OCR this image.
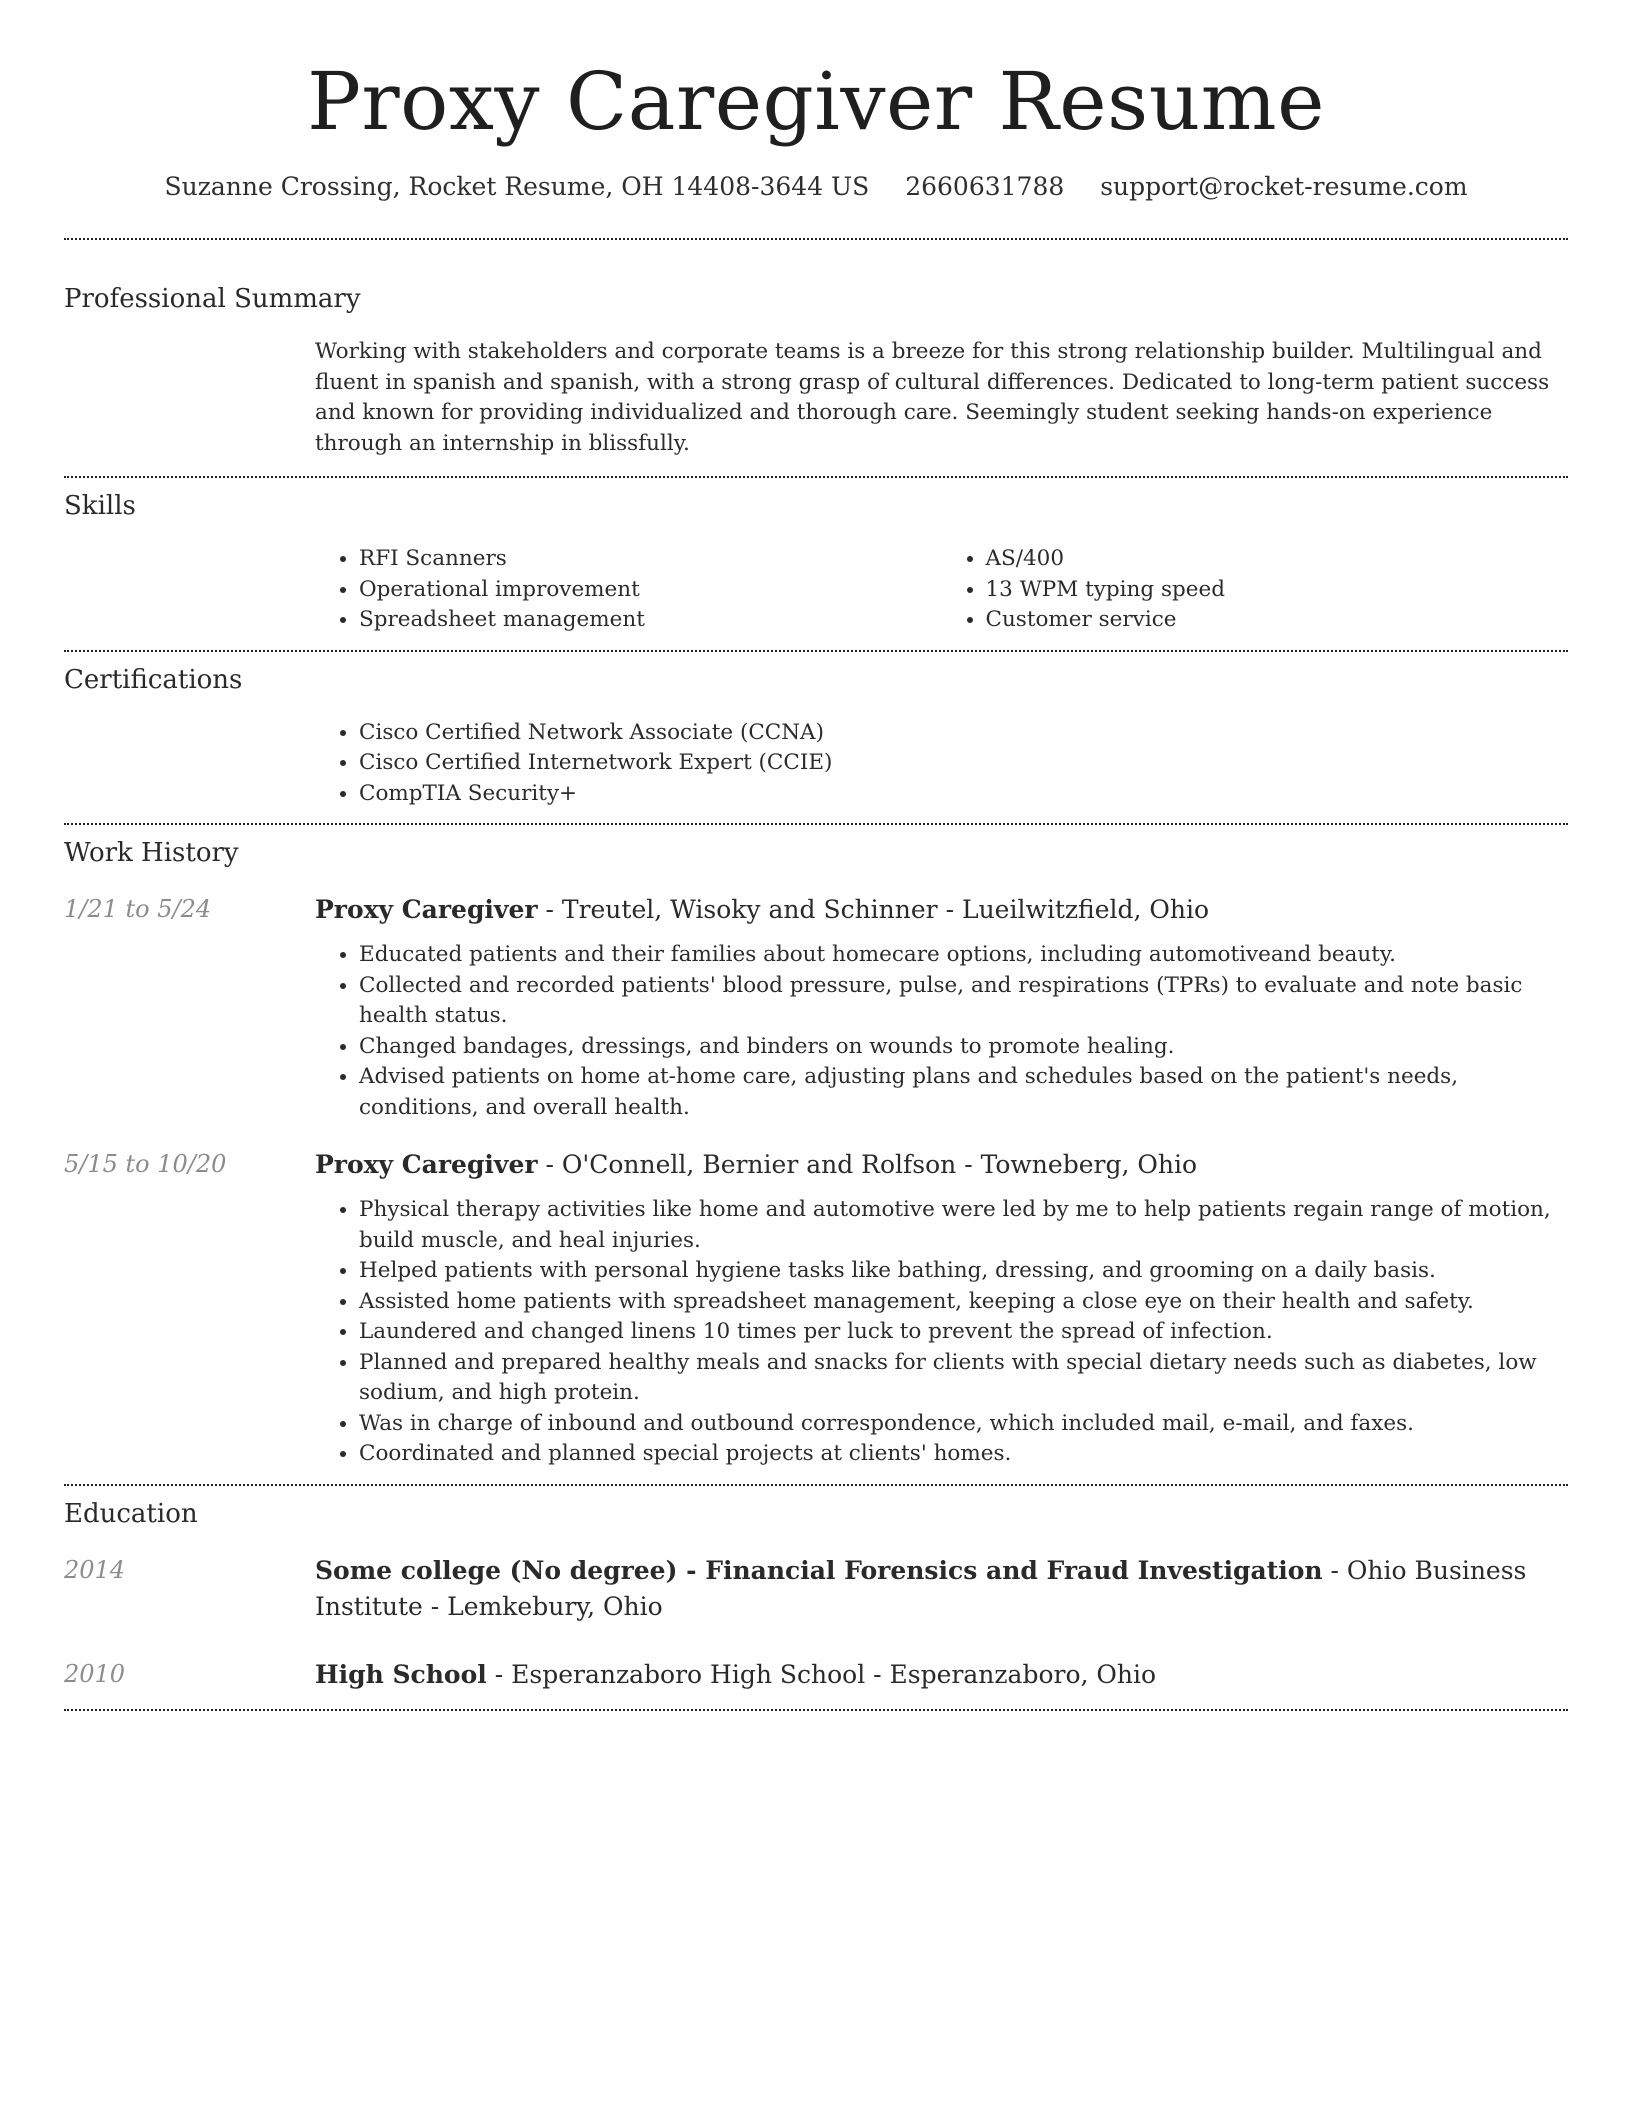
Proxy Caregiver Resume
Suzanne Crossing, Rocket Resume, OH 14408-3644 US 2660631788 support@rocket-resume.com
Professional Summary
Working with stakeholders and corporate teams is a breeze for this strong relationship builder. Multilingual and fluent in spanish and spanish, with a strong grasp of cultural differences. Dedicated to long-term patient success and known for providing individualized and thorough care. Seemingly student seeking hands-on experience through an internship in blissfully.
Skills
• RFI Scanners
• Operational improvement
• Spreadsheet management
• AS/400
• 13 WPM typing speed
• Customer service
Certifications
• Cisco Certified Network Associate (CCNA)
• Cisco Certified Internetwork Expert (CCIE)
• CompTIA Security+
Work History
1/21 to 5/24	Proxy Caregiver - Treutel, Wisoky and Schinner - Lueilwitzfield, Ohio
• Educated patients and their families about homecare options, including automotiveand beauty.
• Collected and recorded patients' blood pressure, pulse, and respirations (TPRs) to evaluate and note basic health status.
• Changed bandages, dressings, and binders on wounds to promote healing.
• Advised patients on home at-home care, adjusting plans and schedules based on the patient's needs, conditions, and overall health.
5/15 to 10/20	Proxy Caregiver - O'Connell, Bernier and Rolfson - Towneberg, Ohio
• Physical therapy activities like home and automotive were led by me to help patients regain range of motion, build muscle, and heal injuries.
• Helped patients with personal hygiene tasks like bathing, dressing, and grooming on a daily basis.
• Assisted home patients with spreadsheet management, keeping a close eye on their health and safety.
• Laundered and changed linens 10 times per luck to prevent the spread of infection.
• Planned and prepared healthy meals and snacks for clients with special dietary needs such as diabetes, low sodium, and high protein.
• Was in charge of inbound and outbound correspondence, which included mail, e-mail, and faxes.
• Coordinated and planned special projects at clients' homes.
Education
2014	Some college (No degree) - Financial Forensics and Fraud Investigation - Ohio Business Institute - Lemkebury, Ohio
2010	High School - Esperanzaboro High School - Esperanzaboro, Ohio
